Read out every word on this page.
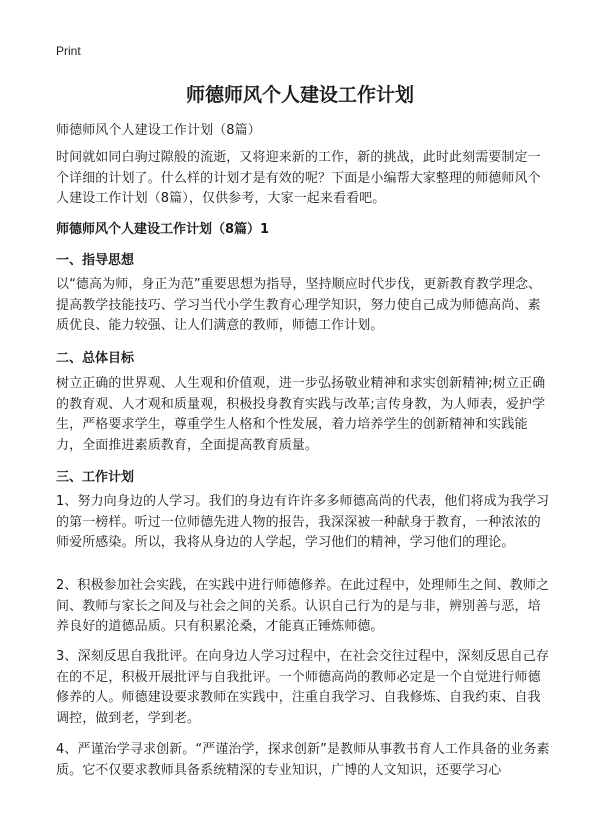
Print
师德师风个人建设工作计划

师德师风个人建设工作计划（8篇）

时间就如同白驹过隙般的流逝，又将迎来新的工作，新的挑战，此时此刻需要制定一个详细的计划了。什么样的计划才是有效的呢？下面是小编帮大家整理的师德师风个人建设工作计划（8篇），仅供参考，大家一起来看看吧。

师德师风个人建设工作计划（8篇）1

一、指导思想

以“德高为师，身正为范”重要思想为指导，坚持顺应时代步伐，更新教育教学理念、提高教学技能技巧、学习当代小学生教育心理学知识，努力使自己成为师德高尚、素质优良、能力较强、让人们满意的教师，师德工作计划。

二、总体目标

树立正确的世界观、人生观和价值观，进一步弘扬敬业精神和求实创新精神;树立正确的教育观、人才观和质量观，积极投身教育实践与改革;言传身教，为人师表，爱护学生，严格要求学生，尊重学生人格和个性发展，着力培养学生的创新精神和实践能力，全面推进素质教育，全面提高教育质量。

三、工作计划

1、努力向身边的人学习。我们的身边有许许多多师德高尚的代表，他们将成为我学习的第一榜样。听过一位师德先进人物的报告，我深深被一种献身于教育，一种浓浓的师爱所感染。所以，我将从身边的人学起，学习他们的精神，学习他们的理论。

2、积极参加社会实践，在实践中进行师德修养。在此过程中，处理师生之间、教师之间、教师与家长之间及与社会之间的关系。认识自己行为的是与非，辨别善与恶，培养良好的道德品质。只有积累沦桑，才能真正锤炼师德。

3、深刻反思自我批评。在向身边人学习过程中，在社会交往过程中，深刻反思自己存在的不足，积极开展批评与自我批评。一个师德高尚的教师必定是一个自觉进行师德修养的人。师德建设要求教师在实践中，注重自我学习、自我修炼、自我约束、自我调控，做到老，学到老。

4、严谨治学寻求创新。“严谨治学，探求创新”是教师从事教书育人工作具备的业务素质。它不仅要求教师具备系统精深的专业知识，广博的人文知识，还要学习心
